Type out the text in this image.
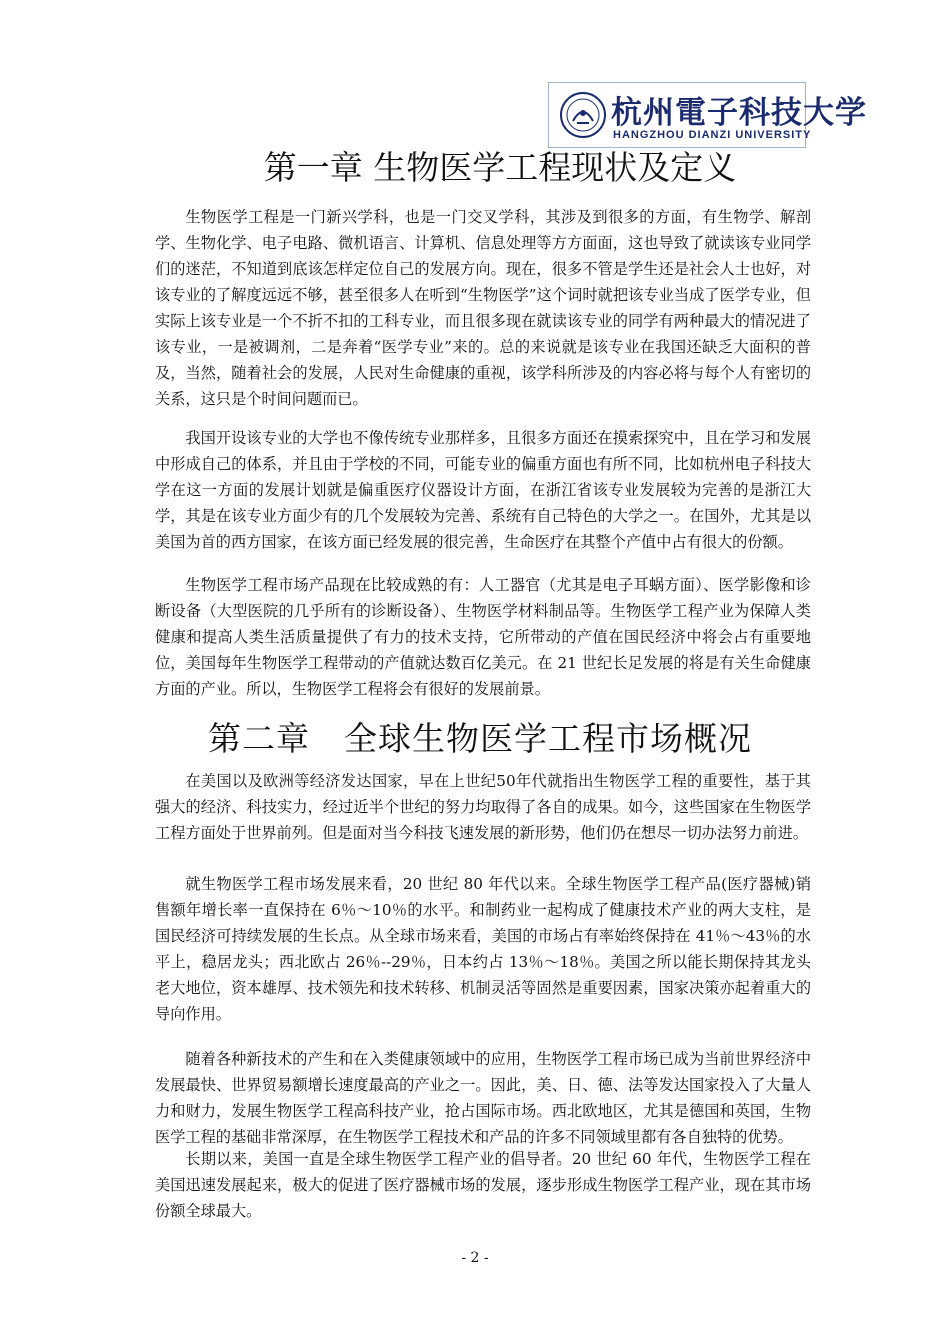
杭州電子科技大学
HANGZHOU DIANZI UNIVERSITY
第一章 生物医学工程现状及定义

生物医学工程是一门新兴学科，也是一门交叉学科，其涉及到很多的方面，有生物学、解剖学、生物化学、电子电路、微机语言、计算机、信息处理等方方面面，这也导致了就读该专业同学们的迷茫，不知道到底该怎样定位自己的发展方向。现在，很多不管是学生还是社会人士也好，对该专业的了解度远远不够，甚至很多人在听到“生物医学”这个词时就把该专业当成了医学专业，但实际上该专业是一个不折不扣的工科专业，而且很多现在就读该专业的同学有两种最大的情况进了该专业，一是被调剂，二是奔着“医学专业”来的。总的来说就是该专业在我国还缺乏大面积的普及，当然，随着社会的发展，人民对生命健康的重视，该学科所涉及的内容必将与每个人有密切的关系，这只是个时间问题而已。

我国开设该专业的大学也不像传统专业那样多，且很多方面还在摸索探究中，且在学习和发展中形成自己的体系，并且由于学校的不同，可能专业的偏重方面也有所不同，比如杭州电子科技大学在这一方面的发展计划就是偏重医疗仪器设计方面，在浙江省该专业发展较为完善的是浙江大学，其是在该专业方面少有的几个发展较为完善、系统有自己特色的大学之一。在国外，尤其是以美国为首的西方国家，在该方面已经发展的很完善，生命医疗在其整个产值中占有很大的份额。

生物医学工程市场产品现在比较成熟的有：人工器官（尤其是电子耳蜗方面）、医学影像和诊断设备（大型医院的几乎所有的诊断设备）、生物医学材料制品等。生物医学工程产业为保障人类健康和提高人类生活质量提供了有力的技术支持，它所带动的产值在国民经济中将会占有重要地位，美国每年生物医学工程带动的产值就达数百亿美元。在 21 世纪长足发展的将是有关生命健康方面的产业。所以，生物医学工程将会有很好的发展前景。

第二章　全球生物医学工程市场概况

在美国以及欧洲等经济发达国家，早在上世纪50年代就指出生物医学工程的重要性，基于其强大的经济、科技实力，经过近半个世纪的努力均取得了各自的成果。如今，这些国家在生物医学工程方面处于世界前列。但是面对当今科技飞速发展的新形势，他们仍在想尽一切办法努力前进。

就生物医学工程市场发展来看，20 世纪 80 年代以来。全球生物医学工程产品(医疗器械)销售额年增长率一直保持在 6％～10％的水平。和制药业一起构成了健康技术产业的两大支柱，是国民经济可持续发展的生长点。从全球市场来看，美国的市场占有率始终保持在 41％～43％的水平上，稳居龙头；西北欧占 26％--29％，日本约占 13％～18％。美国之所以能长期保持其龙头老大地位，资本雄厚、技术领先和技术转移、机制灵活等固然是重要因素，国家决策亦起着重大的导向作用。

随着各种新技术的产生和在入类健康领域中的应用，生物医学工程市场已成为当前世界经济中发展最快、世界贸易额增长速度最高的产业之一。因此，美、日、德、法等发达国家投入了大量人力和财力，发展生物医学工程高科技产业，抢占国际市场。西北欧地区，尤其是德国和英国，生物医学工程的基础非常深厚，在生物医学工程技术和产品的许多不同领域里都有各自独特的优势。

长期以来，美国一直是全球生物医学工程产业的倡导者。20 世纪 60 年代，生物医学工程在美国迅速发展起来，极大的促进了医疗器械市场的发展，逐步形成生物医学工程产业，现在其市场份额全球最大。

- 2 -
